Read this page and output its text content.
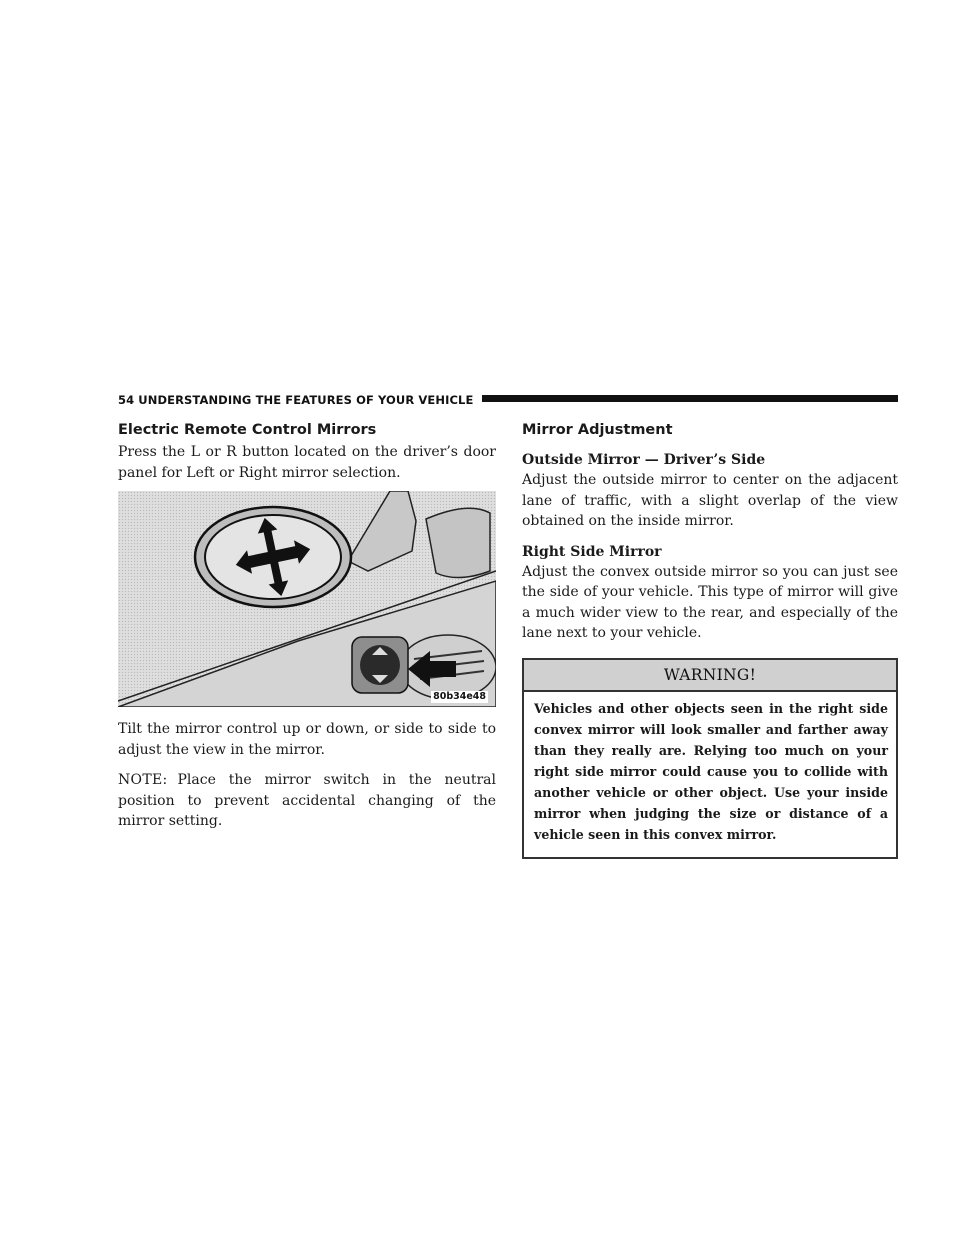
54 UNDERSTANDING THE FEATURES OF YOUR VEHICLE
Electric Remote Control Mirrors

Press the L or R button located on the driver’s door panel for Left or Right mirror selection.

80b34e48

Tilt the mirror control up or down, or side to side to adjust the view in the mirror.

NOTE: Place the mirror switch in the neutral position to prevent accidental changing of the mirror setting.

Mirror Adjustment
Outside Mirror — Driver’s Side

Adjust the outside mirror to center on the adjacent lane of traffic, with a slight overlap of the view obtained on the inside mirror.

Right Side Mirror

Adjust the convex outside mirror so you can just see the side of your vehicle. This type of mirror will give a much wider view to the rear, and especially of the lane next to your vehicle.

WARNING!
Vehicles and other objects seen in the right side convex mirror will look smaller and farther away than they really are. Relying too much on your right side mirror could cause you to collide with another vehicle or other object. Use your inside mirror when judging the size or distance of a vehicle seen in this convex mirror.
